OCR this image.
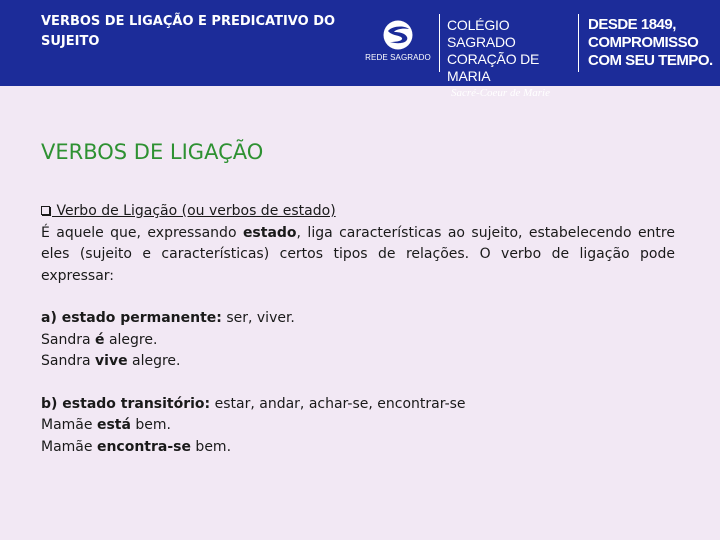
VERBOS DE LIGAÇÃO E PREDICATIVO DO SUJEITO
REDE SAGRADO
COLÉGIO SAGRADO
CORAÇÃO DE MARIA
Sacré-Coeur de Marie
DESDE 1849,
COMPROMISSO
COM SEU TEMPO.
VERBOS DE LIGAÇÃO
Verbo de Ligação (ou verbos de estado)

É aquele que, expressando estado, liga características ao sujeito, estabelecendo entre eles (sujeito e características) certos tipos de relações. O verbo de ligação pode expressar:

a) estado permanente: ser, viver.
Sandra é alegre.
Sandra vive alegre.
b) estado transitório: estar, andar, achar-se, encontrar-se
Mamãe está bem.
Mamãe encontra-se bem.
